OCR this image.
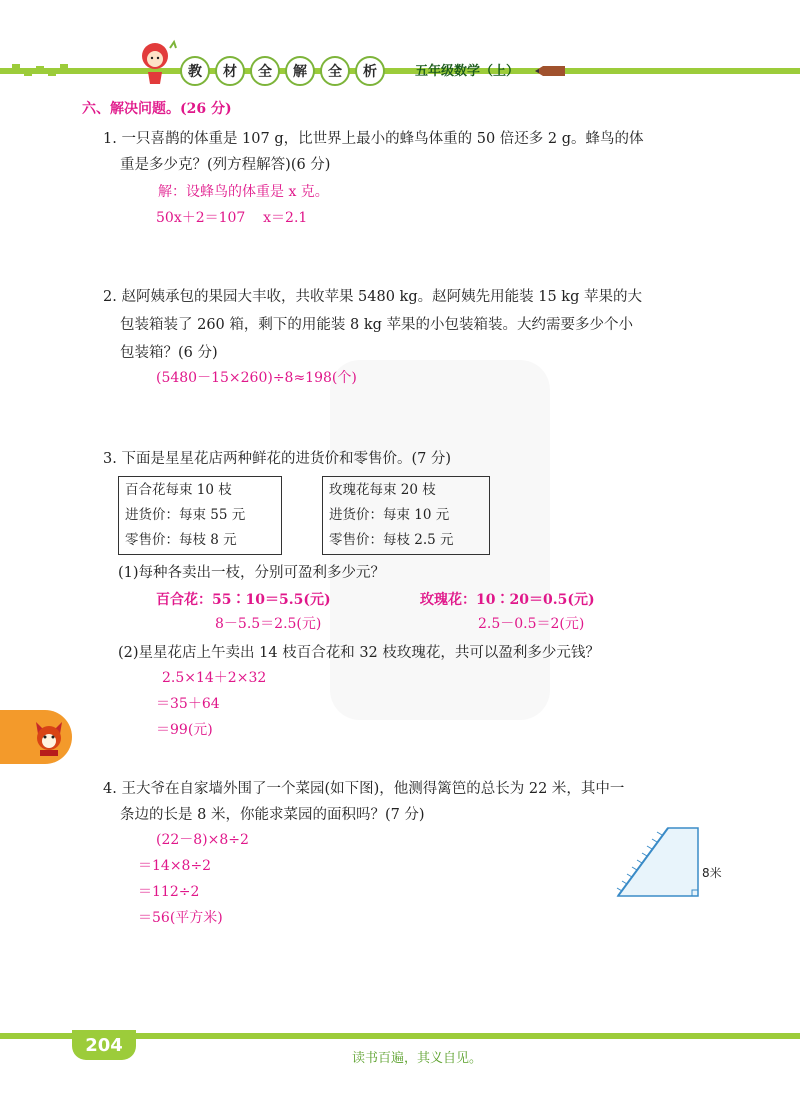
教	材	全	解	全	析	五年级数学（上）
六、解决问题。(26 分)
1. 一只喜鹊的体重是 107 g，比世界上最小的蜂鸟体重的 50 倍还多 2 g。蜂鸟的体
重是多少克？(列方程解答)(6 分)
解：设蜂鸟的体重是 x 克。
50x＋2＝107    x＝2.1
2. 赵阿姨承包的果园大丰收，共收苹果 5480 kg。赵阿姨先用能装 15 kg 苹果的大
包装箱装了 260 箱，剩下的用能装 8 kg 苹果的小包装箱装。大约需要多少个小
包装箱？(6 分)
(5480－15×260)÷8≈198(个)
3. 下面是星星花店两种鲜花的进货价和零售价。(7 分)
百合花每束 10 枝
进货价：每束 55 元
零售价：每枝 8 元
玫瑰花每束 20 枝
进货价：每束 10 元
零售价：每枝 2.5 元
(1)每种各卖出一枝，分别可盈利多少元？
百合花：55∶10＝5.5(元)
8－5.5＝2.5(元)
玫瑰花：10∶20＝0.5(元)
2.5－0.5＝2(元)
(2)星星花店上午卖出 14 枝百合花和 32 枝玫瑰花，共可以盈利多少元钱？
2.5×14＋2×32
＝35＋64
＝99(元)
4. 王大爷在自家墙外围了一个菜园(如下图)，他测得篱笆的总长为 22 米，其中一
条边的长是 8 米，你能求菜园的面积吗？(7 分)
(22－8)×8÷2
＝14×8÷2
＝112÷2
＝56(平方米)
8米
204
读书百遍，其义自见。
